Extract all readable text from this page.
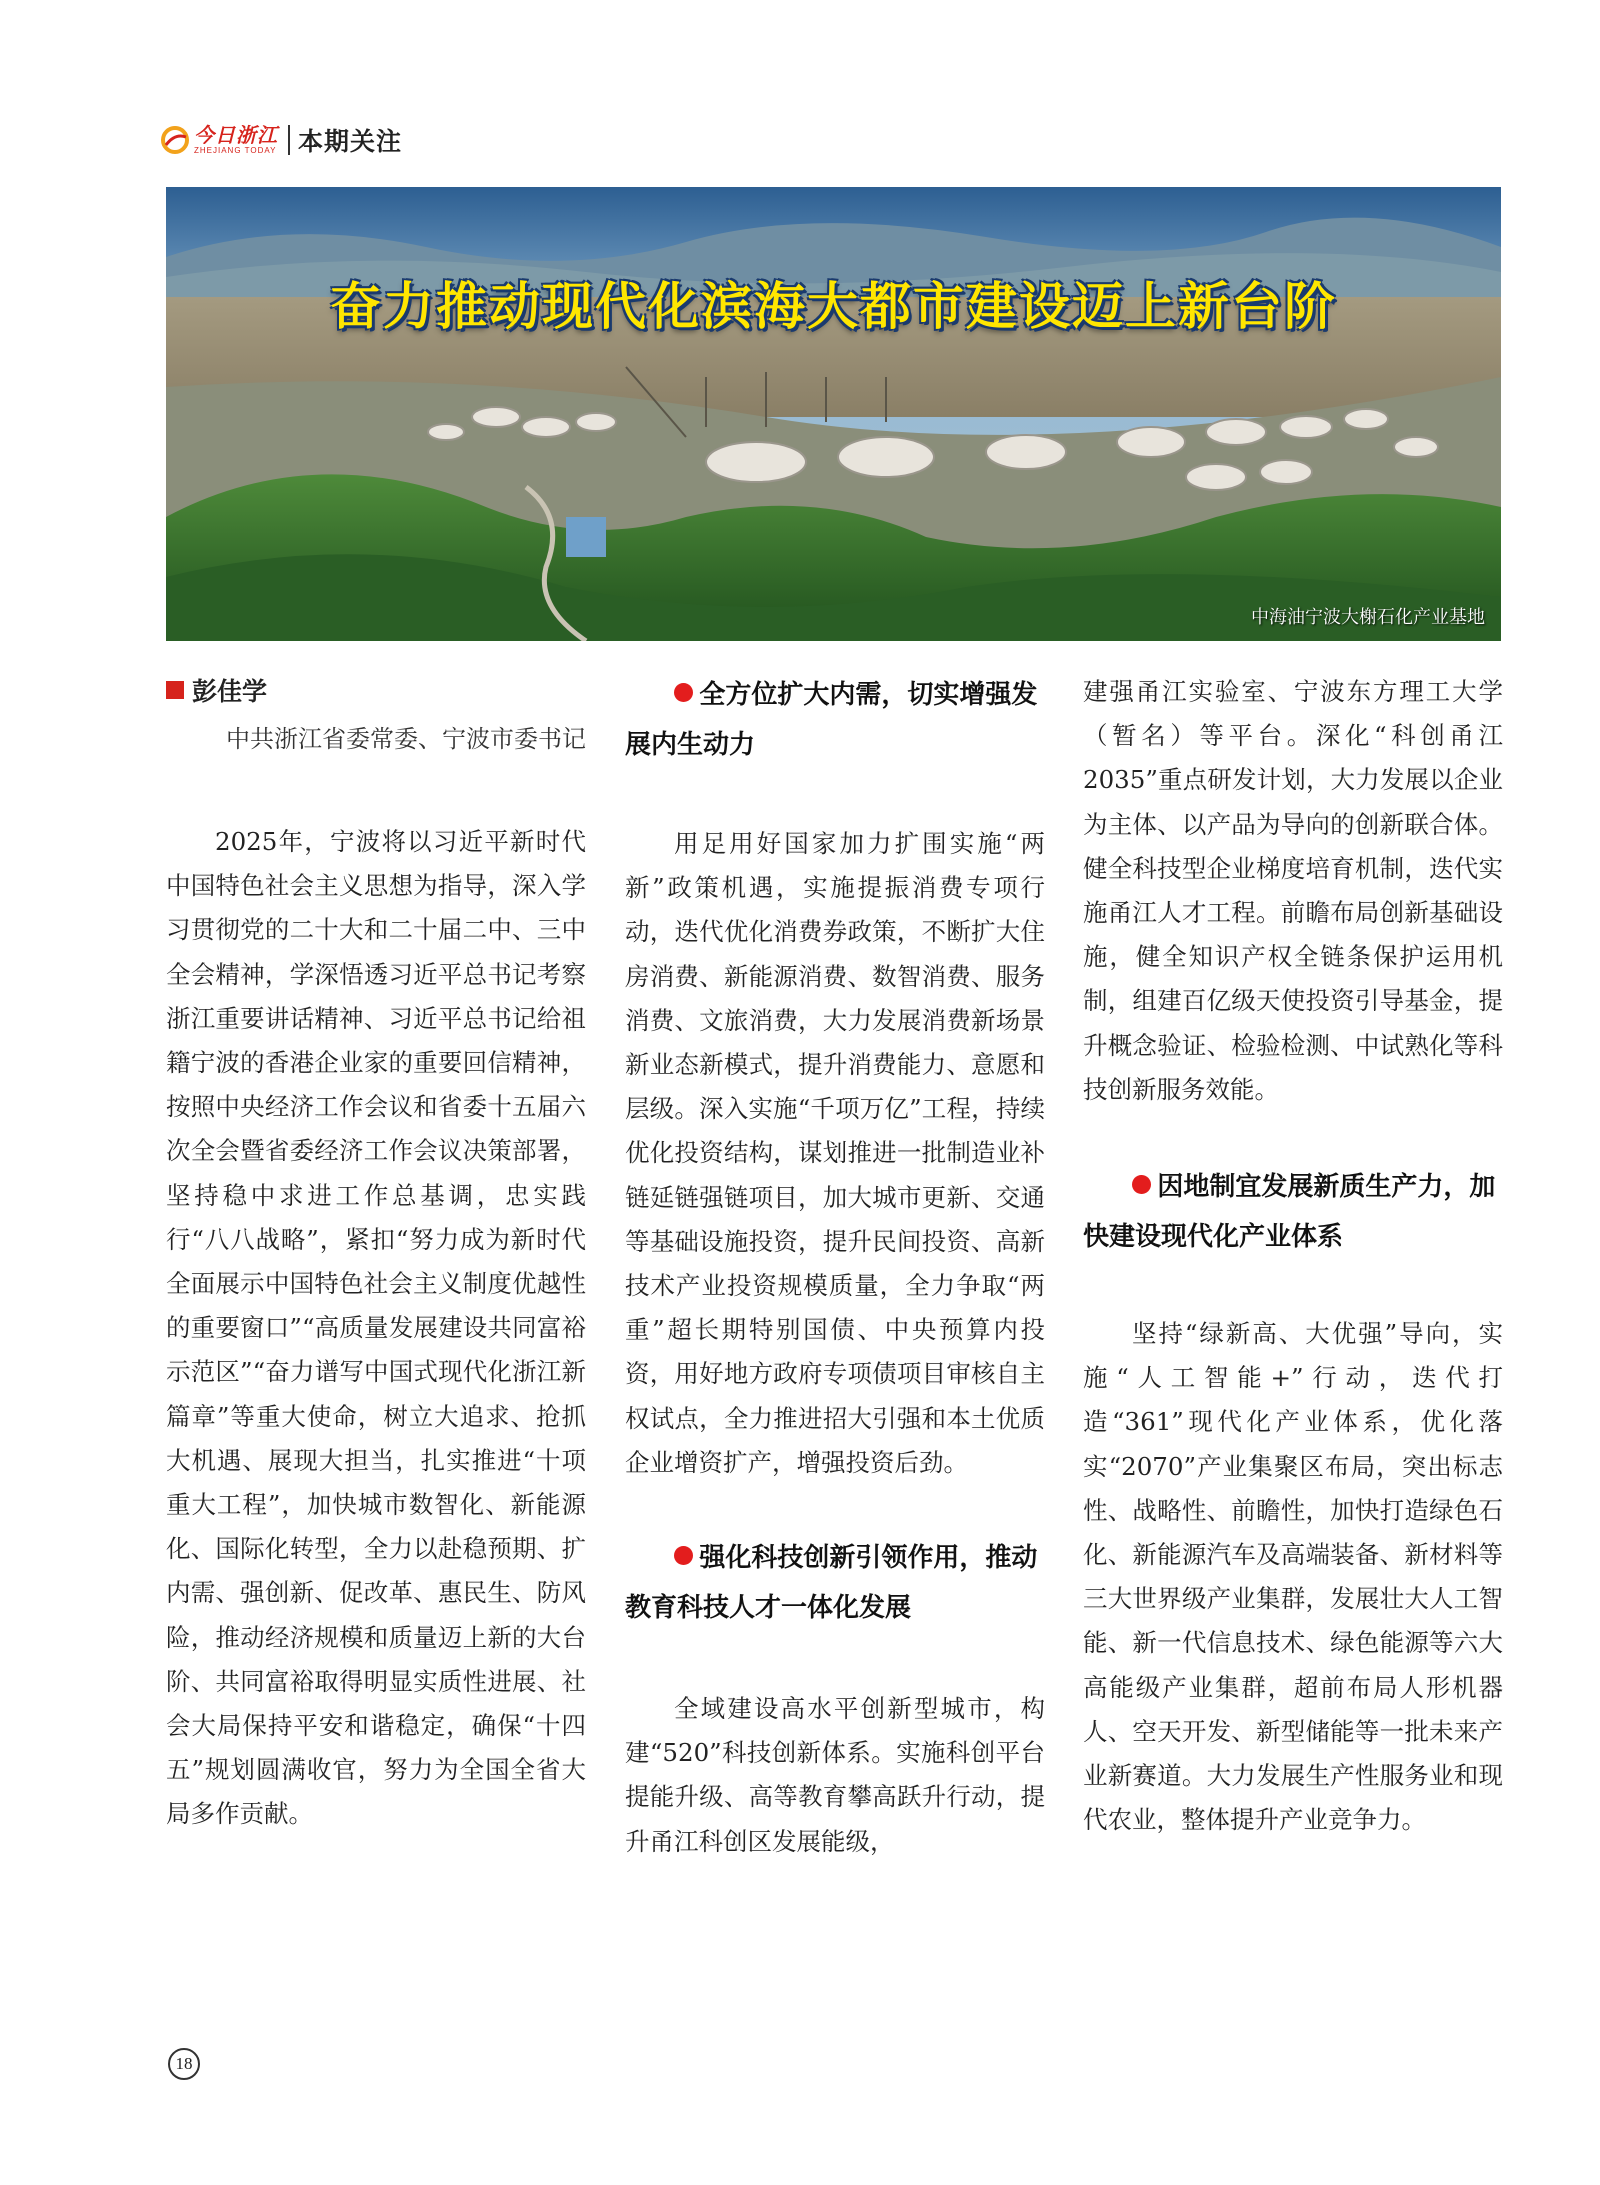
今日浙江
ZHEJIANG TODAY 本期关注
奋力推动现代化滨海大都市建设迈上新台阶
中海油宁波大榭石化产业基地
彭佳学
中共浙江省委常委、宁波市委书记

2025年，宁波将以习近平新时代中国特色社会主义思想为指导，深入学习贯彻党的二十大和二十届二中、三中全会精神，学深悟透习近平总书记考察浙江重要讲话精神、习近平总书记给祖籍宁波的香港企业家的重要回信精神，按照中央经济工作会议和省委十五届六次全会暨省委经济工作会议决策部署，坚持稳中求进工作总基调，忠实践行“八八战略”，紧扣“努力成为新时代全面展示中国特色社会主义制度优越性的重要窗口”“高质量发展建设共同富裕示范区”“奋力谱写中国式现代化浙江新篇章”等重大使命，树立大追求、抢抓大机遇、展现大担当，扎实推进“十项重大工程”，加快城市数智化、新能源化、国际化转型，全力以赴稳预期、扩内需、强创新、促改革、惠民生、防风险，推动经济规模和质量迈上新的大台阶、共同富裕取得明显实质性进展、社会大局保持平安和谐稳定，确保“十四五”规划圆满收官，努力为全国全省大局多作贡献。

全方位扩大内需，切实增强发展内生动力

用足用好国家加力扩围实施“两新”政策机遇，实施提振消费专项行动，迭代优化消费券政策，不断扩大住房消费、新能源消费、数智消费、服务消费、文旅消费，大力发展消费新场景新业态新模式，提升消费能力、意愿和层级。深入实施“千项万亿”工程，持续优化投资结构，谋划推进一批制造业补链延链强链项目，加大城市更新、交通等基础设施投资，提升民间投资、高新技术产业投资规模质量，全力争取“两重”超长期特别国债、中央预算内投资，用好地方政府专项债项目审核自主权试点，全力推进招大引强和本土优质企业增资扩产，增强投资后劲。

强化科技创新引领作用，推动教育科技人才一体化发展

全域建设高水平创新型城市，构建“520”科技创新体系。实施科创平台提能升级、高等教育攀高跃升行动，提升甬江科创区发展能级，

建强甬江实验室、宁波东方理工大学（暂名）等平台。深化“科创甬江2035”重点研发计划，大力发展以企业为主体、以产品为导向的创新联合体。健全科技型企业梯度培育机制，迭代实施甬江人才工程。前瞻布局创新基础设施，健全知识产权全链条保护运用机制，组建百亿级天使投资引导基金，提升概念验证、检验检测、中试熟化等科技创新服务效能。

因地制宜发展新质生产力，加快建设现代化产业体系

坚持“绿新高、大优强”导向，实施“人工智能+”行动，迭代打造“361”现代化产业体系，优化落实“2070”产业集聚区布局，突出标志性、战略性、前瞻性，加快打造绿色石化、新能源汽车及高端装备、新材料等三大世界级产业集群，发展壮大人工智能、新一代信息技术、绿色能源等六大高能级产业集群，超前布局人形机器人、空天开发、新型储能等一批未来产业新赛道。大力发展生产性服务业和现代农业，整体提升产业竞争力。

18
